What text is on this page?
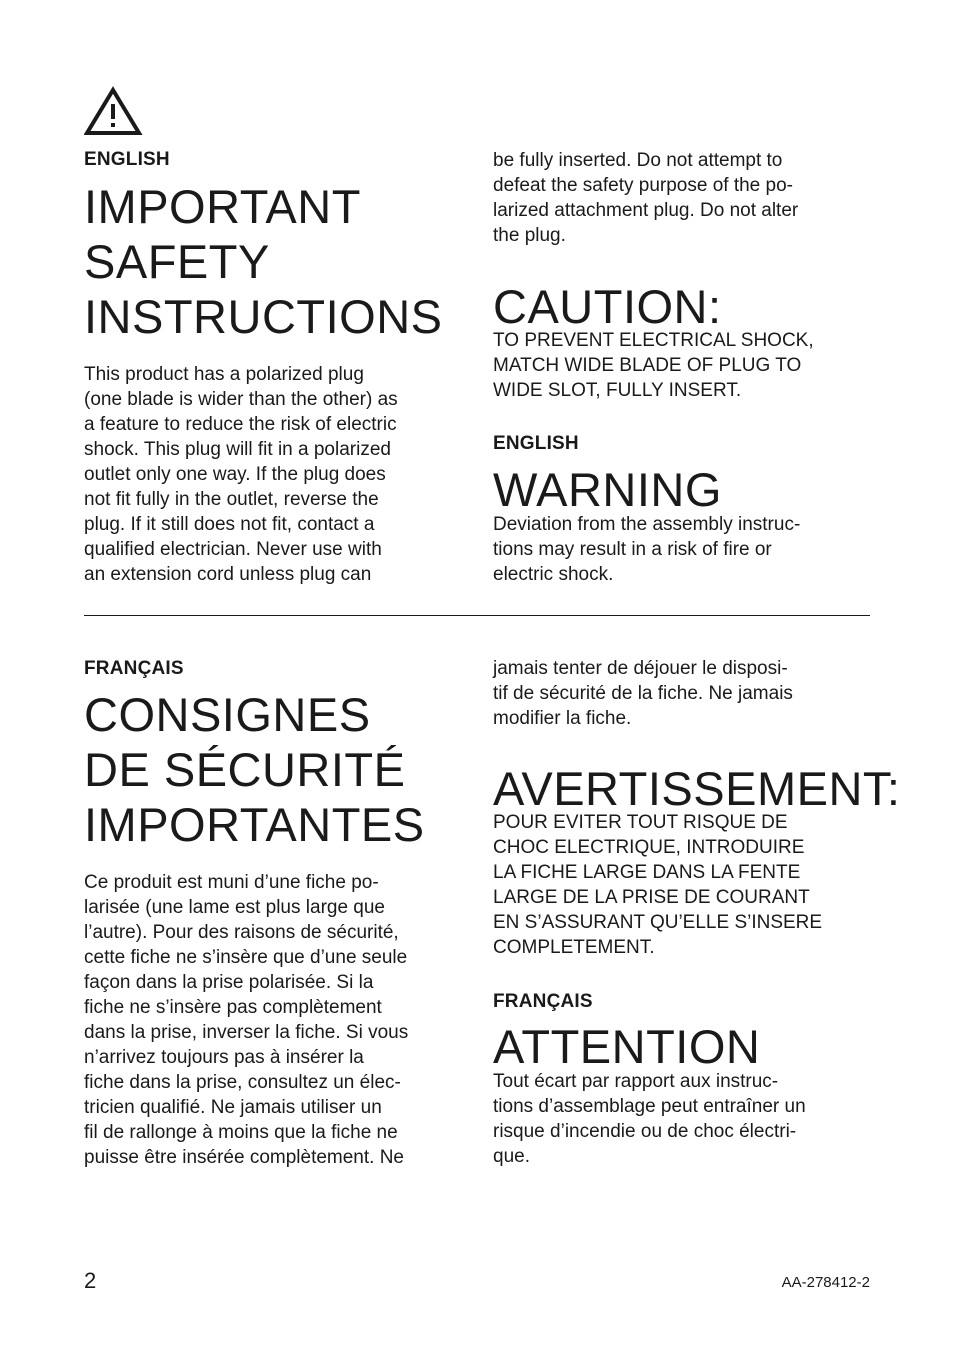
ENGLISH
IMPORTANT
SAFETY
INSTRUCTIONS
This product has a polarized plug
(one blade is wider than the other) as
a feature to reduce the risk of electric
shock. This plug will fit in a polarized
outlet only one way. If the plug does
not fit fully in the outlet, reverse the
plug. If it still does not fit, contact a
qualified electrician. Never use with
an extension cord unless plug can
be fully inserted. Do not attempt to
defeat the safety purpose of the po-
larized attachment plug. Do not alter
the plug.
CAUTION:
TO PREVENT ELECTRICAL SHOCK,
MATCH WIDE BLADE OF PLUG TO
WIDE SLOT, FULLY INSERT.
ENGLISH
WARNING
Deviation from the assembly instruc-
tions may result in a risk of fire or
electric shock.
FRANÇAIS
CONSIGNES
DE SÉCURITÉ
IMPORTANTES
Ce produit est muni d’une fiche po-
larisée (une lame est plus large que
l’autre). Pour des raisons de sécurité,
cette fiche ne s’insère que d’une seule
façon dans la prise polarisée. Si la
fiche ne s’insère pas complètement
dans la prise, inverser la fiche. Si vous
n’arrivez toujours pas à insérer la
fiche dans la prise, consultez un élec-
tricien qualifié. Ne jamais utiliser un
fil de rallonge à moins que la fiche ne
puisse être insérée complètement. Ne
jamais tenter de déjouer le disposi-
tif de sécurité de la fiche. Ne jamais
modifier la fiche.
AVERTISSEMENT:
POUR EVITER TOUT RISQUE DE
CHOC ELECTRIQUE, INTRODUIRE
LA FICHE LARGE DANS LA FENTE
LARGE DE LA PRISE DE COURANT
EN S’ASSURANT QU’ELLE S’INSERE
COMPLETEMENT.
FRANÇAIS
ATTENTION
Tout écart par rapport aux instruc-
tions d’assemblage peut entraîner un
risque d’incendie ou de choc électri-
que.
2	AA-278412-2
